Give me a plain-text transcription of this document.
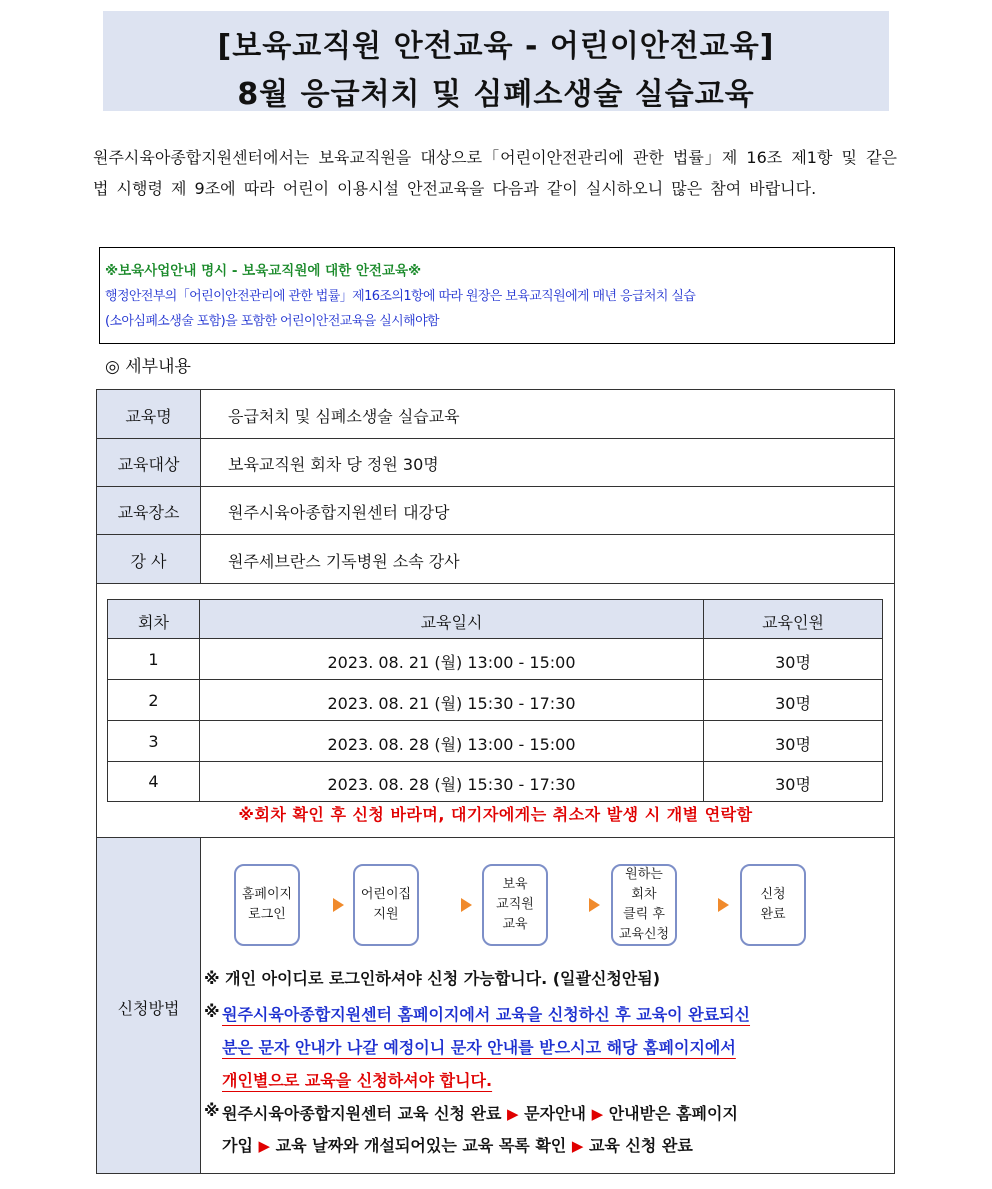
[보육교직원 안전교육 - 어린이안전교육]
8월 응급처치 및 심폐소생술 실습교육
원주시육아종합지원센터에서는 보육교직원을 대상으로「어린이안전관리에 관한 법률」제 16조 제1항 및 같은 법 시행령 제 9조에 따라 어린이 이용시설 안전교육을 다음과 같이 실시하오니 많은 참여 바랍니다.
※보육사업안내 명시 - 보육교직원에 대한 안전교육※
행정안전부의「어린이안전관리에 관한 법률」제16조의1항에 따라 원장은 보육교직원에게 매년 응급처치 실습
(소아심폐소생술 포함)을 포함한 어린이안전교육을 실시해야함
◎ 세부내용
교육명	응급처치 및 심폐소생술 실습교육
교육대상	보육교직원 회차 당 정원 30명
교육장소	원주시육아종합지원센터 대강당
강 사	원주세브란스 기독병원 소속 강사
회차	교육일시	교육인원
1	2023. 08. 21 (월) 13:00 - 15:00	30명
2	2023. 08. 21 (월) 15:30 - 17:30	30명
3	2023. 08. 28 (월) 13:00 - 15:00	30명
4	2023. 08. 28 (월) 15:30 - 17:30	30명
※회차 확인 후 신청 바라며, 대기자에게는 취소자 발생 시 개별 연락함
신청방법
홈페이지
로그인
어린이집
지원
보육
교직원
교육
원하는
회차
클릭 후
교육신청
신청
완료
※ 개인 아이디로 로그인하셔야 신청 가능합니다. (일괄신청안됨)
※ 원주시육아종합지원센터 홈페이지에서 교육을 신청하신 후 교육이 완료되신
분은 문자 안내가 나갈 예정이니 문자 안내를 받으시고 해당 홈페이지에서
개인별으로 교육을 신청하셔야 합니다.
※ 원주시육아종합지원센터 교육 신청 완료 ▶ 문자안내 ▶ 안내받은 홈페이지
가입 ▶ 교육 날짜와 개설되어있는 교육 목록 확인 ▶ 교육 신청 완료
